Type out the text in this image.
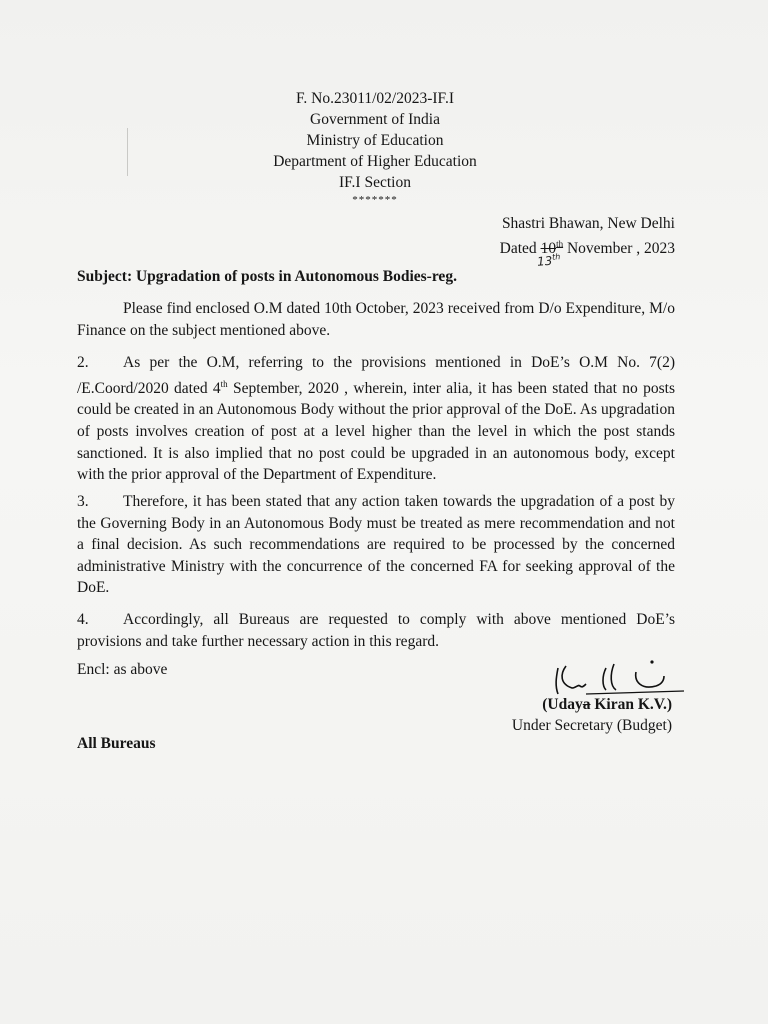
F. No.23011/02/2023-IF.I
Government of India
Ministry of Education
Department of Higher Education
IF.I Section
*******
Shastri Bhawan, New Delhi
Dated 10th November , 2023
13th
Subject: Upgradation of posts in Autonomous Bodies-reg.
Please find enclosed O.M dated 10th October, 2023 received from D/o Expenditure, M/o Finance on the subject mentioned above.
2. As per the O.M, referring to the provisions mentioned in DoE’s O.M No. 7(2) /E.Coord/2020 dated 4th September, 2020 , wherein, inter alia, it has been stated that no posts could be created in an Autonomous Body without the prior approval of the DoE. As upgradation of posts involves creation of post at a level higher than the level in which the post stands sanctioned. It is also implied that no post could be upgraded in an autonomous body, except with the prior approval of the Department of Expenditure.
3. Therefore, it has been stated that any action taken towards the upgradation of a post by the Governing Body in an Autonomous Body must be treated as mere recommendation and not a final decision. As such recommendations are required to be processed by the concerned administrative Ministry with the concurrence of the concerned FA for seeking approval of the DoE.
4. Accordingly, all Bureaus are requested to comply with above mentioned DoE’s provisions and take further necessary action in this regard.
Encl: as above
(Udaya Kiran K.V.)
Under Secretary (Budget)
All Bureaus
